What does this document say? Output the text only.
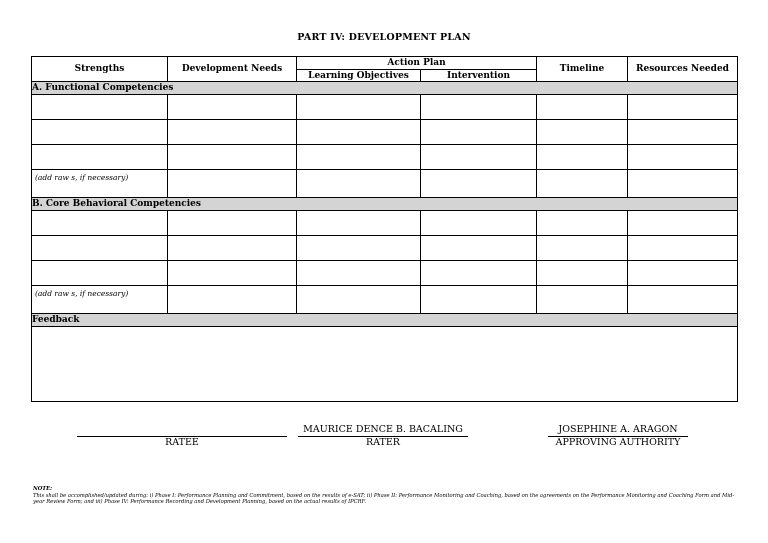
PART IV: DEVELOPMENT PLAN
Strengths	Development Needs	Action Plan		Timeline	Resources Needed
		Learning Objectives	Intervention		
A. Functional Competencies					

(add raw s, if necessary)					
B. Core Behavioral Competencies					

(add raw s, if necessary)					
Feedback					

RATEE
MAURICE DENCE B. BACALING
RATER
JOSEPHINE A. ARAGON
APPROVING AUTHORITY
NOTE:
This shall be accomplished/updated during: i) Phase I: Performance Planning and Commitment, based on the results of e-SAT; ii) Phase II: Performance Monitoring and Coaching, based on the agreements on the Performance Monitoring and Coaching Form and Mid-year Review Form; and iii) Phase IV: Performance Recording and Development Planning, based on the actual results of IPCRF.
